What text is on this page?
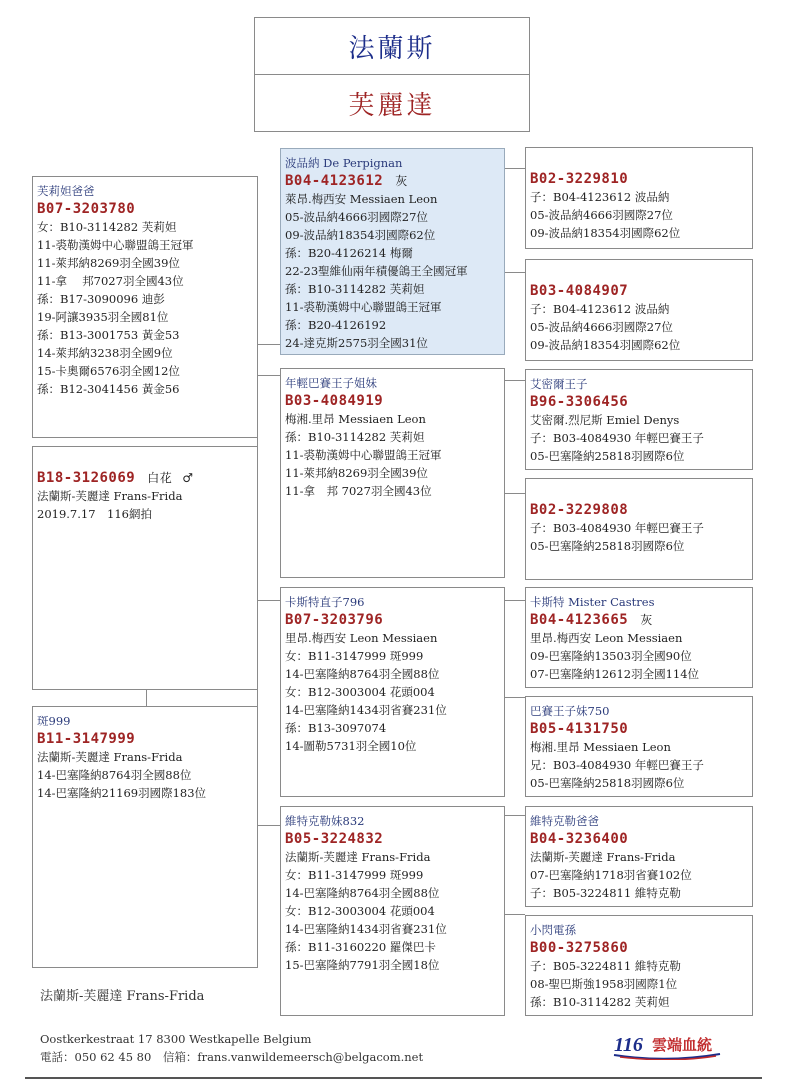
法蘭斯
芙麗達
芙莉妲爸爸
B07-3203780
女：B10-3114282 芙莉妲
11-裘勒漢姆中心聯盟鴿王冠軍
11-萊邦納8269羽全國39位
11-拿　 邦7027羽全國43位
孫：B17-3090096 迪彭
19-阿讓3935羽全國81位
孫：B13-3001753 黃金53
14-萊邦納3238羽全國9位
15-卡奧爾6576羽全國12位
孫：B12-3041456 黃金56
B18-3126069 白花 ♂
法蘭斯-芙麗達 Frans-Frida
2019.7.17　116網拍
斑999
B11-3147999
法蘭斯-芙麗達 Frans-Frida
14-巴塞隆納8764羽全國88位
14-巴塞隆納21169羽國際183位
波品納 De Perpignan
B04-4123612 灰
萊昂.梅西安 Messiaen Leon
05-波品納4666羽國際27位
09-波品納18354羽國際62位
孫：B20-4126214 梅爾
22-23聖維仙兩年積優鴿王全國冠軍
孫：B10-3114282 芙莉妲
11-裘勒漢姆中心聯盟鴿王冠軍
孫：B20-4126192
24-達克斯2575羽全國31位
年輕巴賽王子姐妹
B03-4084919
梅湘.里昂 Messiaen Leon
孫：B10-3114282 芙莉妲
11-裘勒漢姆中心聯盟鴿王冠軍
11-萊邦納8269羽全國39位
11-拿　邦 7027羽全國43位
卡斯特直子796
B07-3203796
里昂.梅西安 Leon Messiaen
女：B11-3147999 斑999
14-巴塞隆納8764羽全國88位
女：B12-3003004 花頭004
14-巴塞隆納1434羽省賽231位
孫：B13-3097074
14-圖勒5731羽全國10位
維特克勒妹832
B05-3224832
法蘭斯-芙麗達 Frans-Frida
女：B11-3147999 斑999
14-巴塞隆納8764羽全國88位
女：B12-3003004 花頭004
14-巴塞隆納1434羽省賽231位
孫：B11-3160220 羅傑巴卡
15-巴塞隆納7791羽全國18位
B02-3229810
子：B04-4123612 波品納
05-波品納4666羽國際27位
09-波品納18354羽國際62位
B03-4084907
子：B04-4123612 波品納
05-波品納4666羽國際27位
09-波品納18354羽國際62位
艾密爾王子
B96-3306456
艾密爾.烈尼斯 Emiel Denys
子：B03-4084930 年輕巴賽王子
05-巴塞隆納25818羽國際6位
B02-3229808
子：B03-4084930 年輕巴賽王子
05-巴塞隆納25818羽國際6位
卡斯特 Mister Castres
B04-4123665 灰
里昂.梅西安 Leon Messiaen
09-巴塞隆納13503羽全國90位
07-巴塞隆納12612羽全國114位
巴賽王子妹750
B05-4131750
梅湘.里昂 Messiaen Leon
兄：B03-4084930 年輕巴賽王子
05-巴塞隆納25818羽國際6位
維特克勒爸爸
B04-3236400
法蘭斯-芙麗達 Frans-Frida
07-巴塞隆納1718羽省賽102位
子：B05-3224811 維特克勒
小閃電孫
B00-3275860
子：B05-3224811 維特克勒
08-聖巴斯強1958羽國際1位
孫：B10-3114282 芙莉妲
法蘭斯-芙麗達 Frans-Frida
Oostkerkestraat 17 8300 Westkapelle Belgium
電話：050 62 45 80　信箱：frans.vanwildemeersch@belgacom.net
116 雲端血統
